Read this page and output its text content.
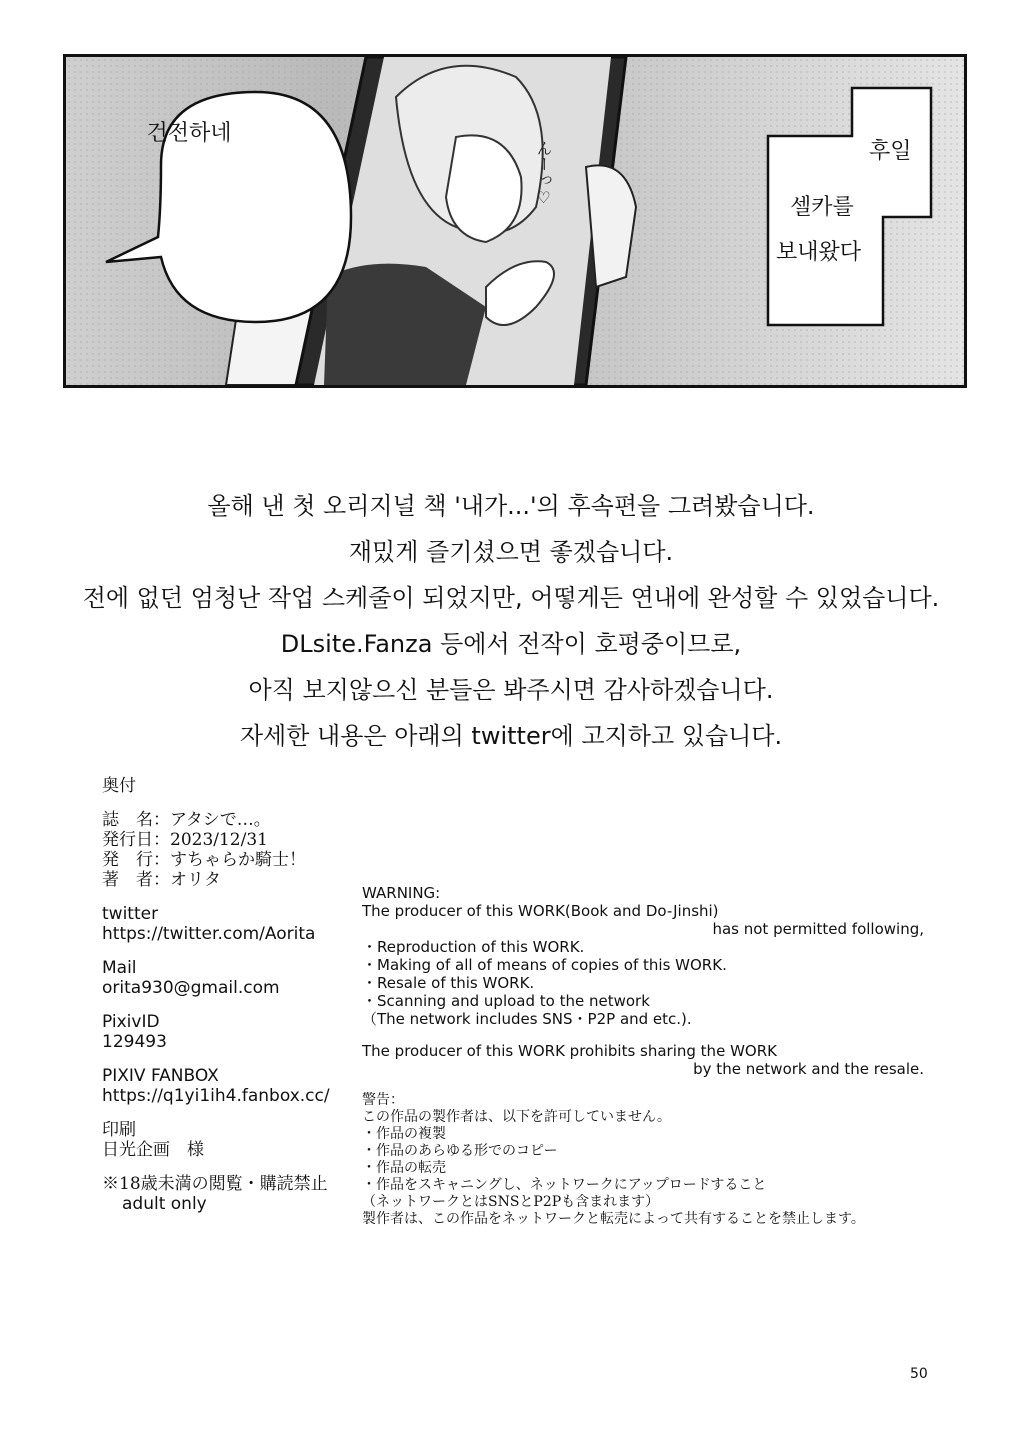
건전하네
후일
셀카를
보내왔다
んーっ♡

올해 낸 첫 오리지널 책 '내가...'의 후속편을 그려봤습니다.

재밌게 즐기셨으면 좋겠습니다.

전에 없던 엄청난 작업 스케줄이 되었지만, 어떻게든 연내에 완성할 수 있었습니다.

DLsite.Fanza 등에서 전작이 호평중이므로,

아직 보지않으신 분들은 봐주시면 감사하겠습니다.

자세한 내용은 아래의 twitter에 고지하고 있습니다.

奥付
誌　名：アタシで…。
発行日：2023/12/31
発　行：すちゃらか騎士！
著　者：オリタ
twitter
https://twitter.com/Aorita
Mail
orita930@gmail.com
PixivID
129493
PIXIV FANBOX
https://q1yi1ih4.fanbox.cc/
印刷
日光企画　様
※18歳未満の閲覧・購読禁止
adult only
WARNING:
The producer of this WORK(Book and Do-Jinshi)
has not permitted following,
・Reproduction of this WORK.
・Making of all of means of copies of this WORK.
・Resale of this WORK.
・Scanning and upload to the network
（The network includes SNS・P2P and etc.).
The producer of this WORK prohibits sharing the WORK
by the network and the resale.
警告：
この作品の製作者は、以下を許可していません。
・作品の複製
・作品のあらゆる形でのコピー
・作品の転売
・作品をスキャニングし、ネットワークにアップロードすること
（ネットワークとはSNSとP2Pも含まれます）
製作者は、この作品をネットワークと転売によって共有することを禁止します。
50
